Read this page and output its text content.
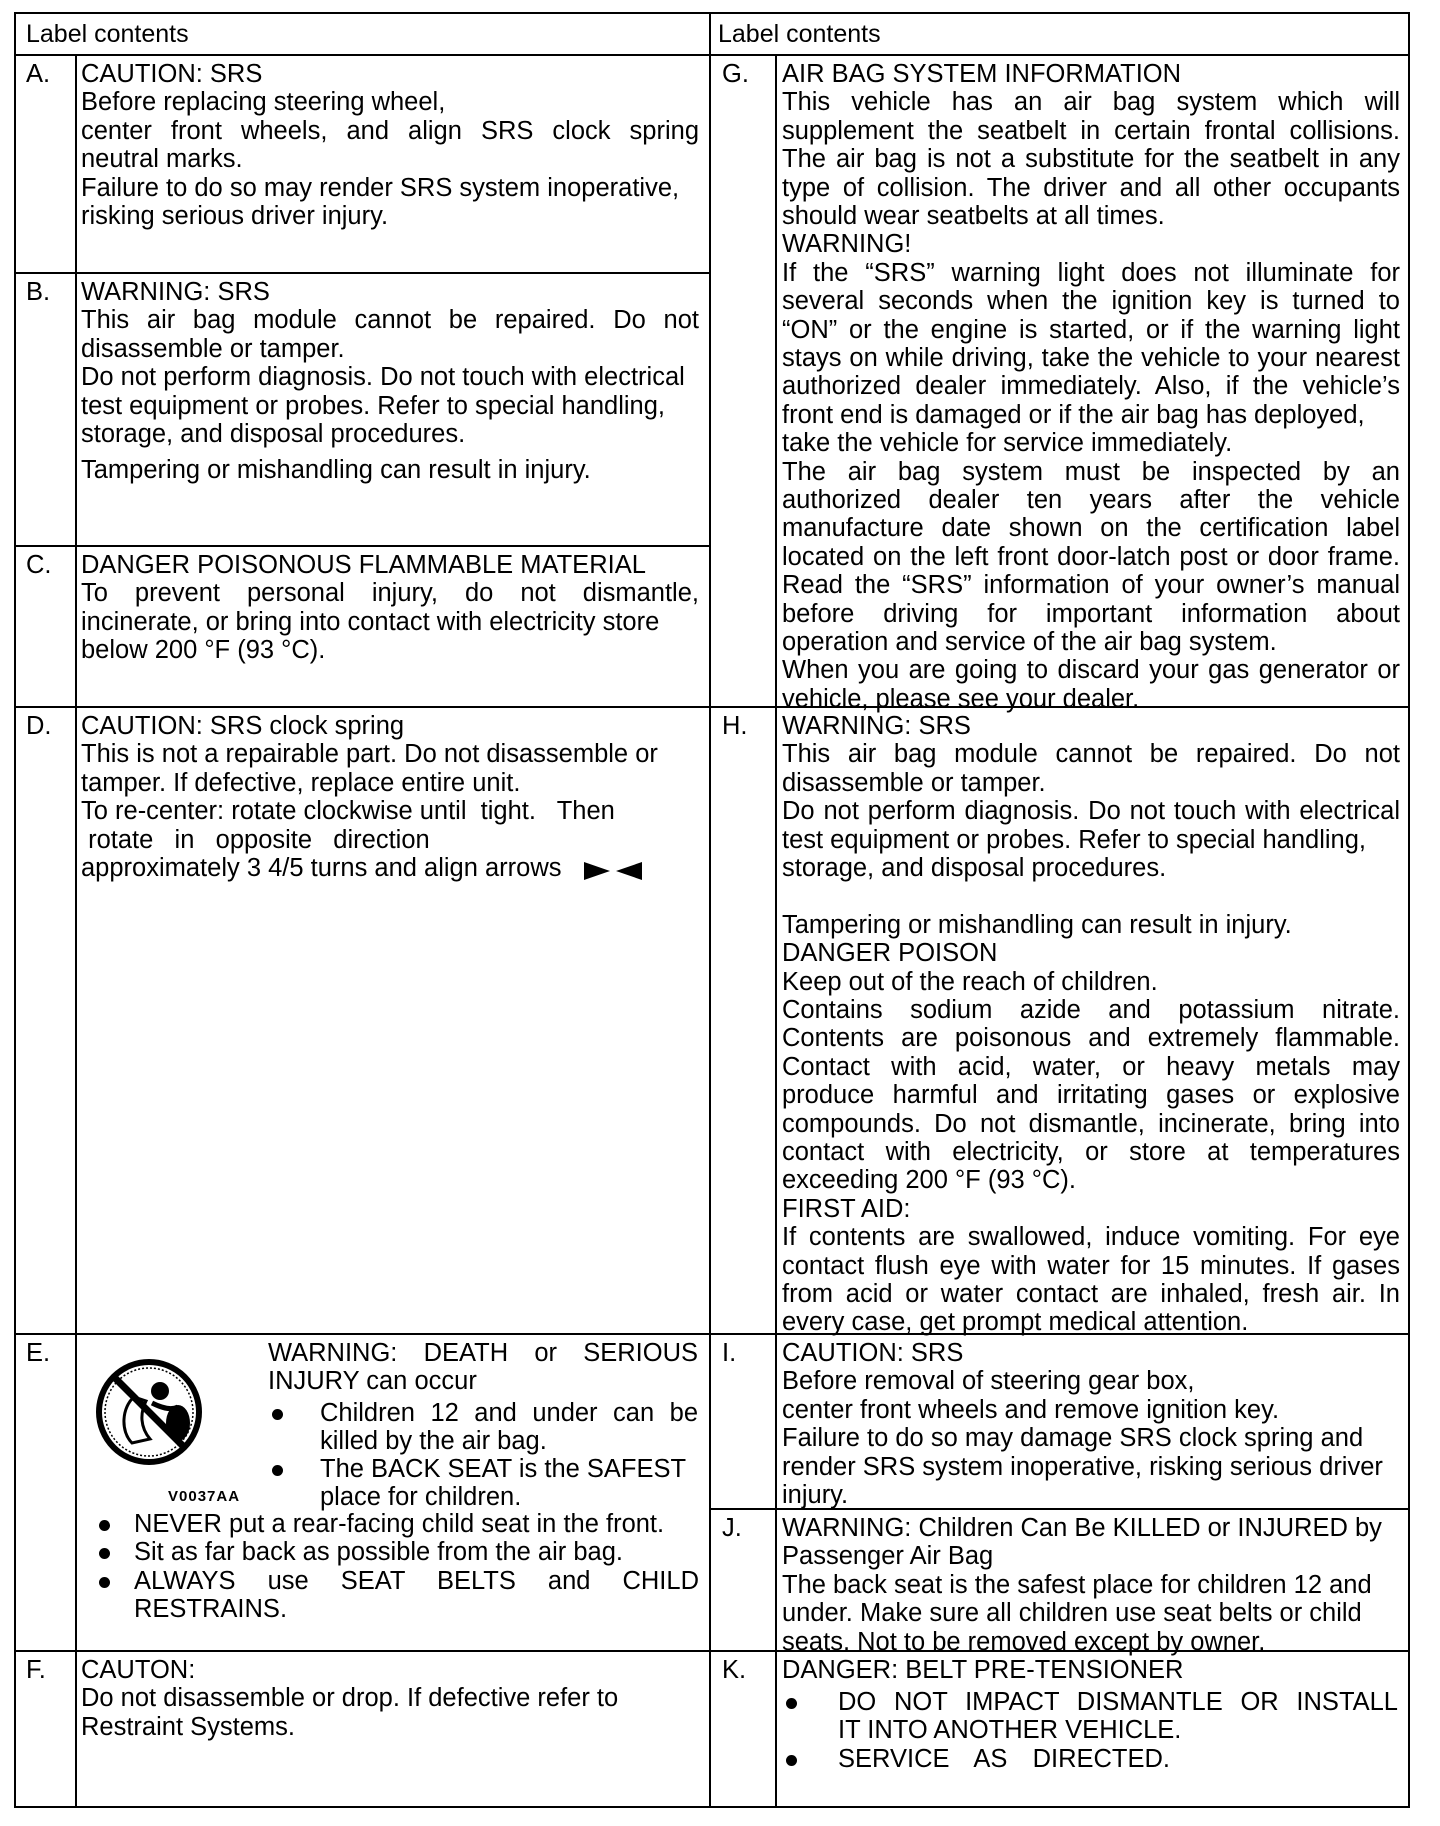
Label contents	Label contents
A.
B.
C.
D.
E.
F.
G.
H.
I.
J.
K.
CAUTION: SRS
Before replacing steering wheel,
center front wheels, and align SRS clock spring
neutral marks.
Failure to do so may render SRS system inoperative,
risking serious driver injury.
WARNING: SRS
This air bag module cannot be repaired. Do not
disassemble or tamper.
Do not perform diagnosis. Do not touch with electrical
test equipment or probes. Refer to special handling,
storage, and disposal procedures.
Tampering or mishandling can result in injury.
DANGER POISONOUS FLAMMABLE MATERIAL
To prevent personal injury, do not dismantle,
incinerate, or bring into contact with electricity store
below 200 °F (93 °C).
CAUTION: SRS clock spring
This is not a repairable part. Do not disassemble or
tamper. If defective, replace entire unit.
To re-center: rotate clockwise until  tight.   Then
rotate   in   opposite   direction
approximately 3 4/5 turns and align arrows
V0037AA
WARNING: DEATH or SERIOUS
INJURY can occur
Children 12 and under can be
killed by the air bag.
The BACK SEAT is the SAFEST
place for children.
NEVER put a rear-facing child seat in the front.
Sit as far back as possible from the air bag.
ALWAYS use SEAT BELTS and CHILD
RESTRAINS.
CAUTON:
Do not disassemble or drop. If defective refer to
Restraint Systems.
AIR BAG SYSTEM INFORMATION
This vehicle has an air bag system which will
supplement the seatbelt in certain frontal collisions.
The air bag is not a substitute for the seatbelt in any
type of collision. The driver and all other occupants
should wear seatbelts at all times.
WARNING!
If the “SRS” warning light does not illuminate for
several seconds when the ignition key is turned to
“ON” or the engine is started, or if the warning light
stays on while driving, take the vehicle to your nearest
authorized dealer immediately. Also, if the vehicle’s
front end is damaged or if the air bag has deployed,
take the vehicle for service immediately.
The air bag system must be inspected by an
authorized dealer ten years after the vehicle
manufacture date shown on the certification label
located on the left front door-latch post or door frame.
Read the “SRS” information of your owner’s manual
before driving for important information about
operation and service of the air bag system.
When you are going to discard your gas generator or
vehicle, please see your dealer.
WARNING: SRS
This air bag module cannot be repaired. Do not
disassemble or tamper.
Do not perform diagnosis. Do not touch with electrical
test equipment or probes. Refer to special handling,
storage, and disposal procedures.
Tampering or mishandling can result in injury.
DANGER POISON
Keep out of the reach of children.
Contains sodium azide and potassium nitrate.
Contents are poisonous and extremely flammable.
Contact with acid, water, or heavy metals may
produce harmful and irritating gases or explosive
compounds. Do not dismantle, incinerate, bring into
contact with electricity, or store at temperatures
exceeding 200 °F (93 °C).
FIRST AID:
If contents are swallowed, induce vomiting. For eye
contact flush eye with water for 15 minutes. If gases
from acid or water contact are inhaled, fresh air. In
every case, get prompt medical attention.
CAUTION: SRS
Before removal of steering gear box,
center front wheels and remove ignition key.
Failure to do so may damage SRS clock spring and
render SRS system inoperative, risking serious driver
injury.
WARNING: Children Can Be KILLED or INJURED by
Passenger Air Bag
The back seat is the safest place for children 12 and
under. Make sure all children use seat belts or child
seats. Not to be removed except by owner.
DANGER: BELT PRE-TENSIONER
DO NOT IMPACT DISMANTLE OR INSTALL
IT INTO ANOTHER VEHICLE.
SERVICE AS DIRECTED.
